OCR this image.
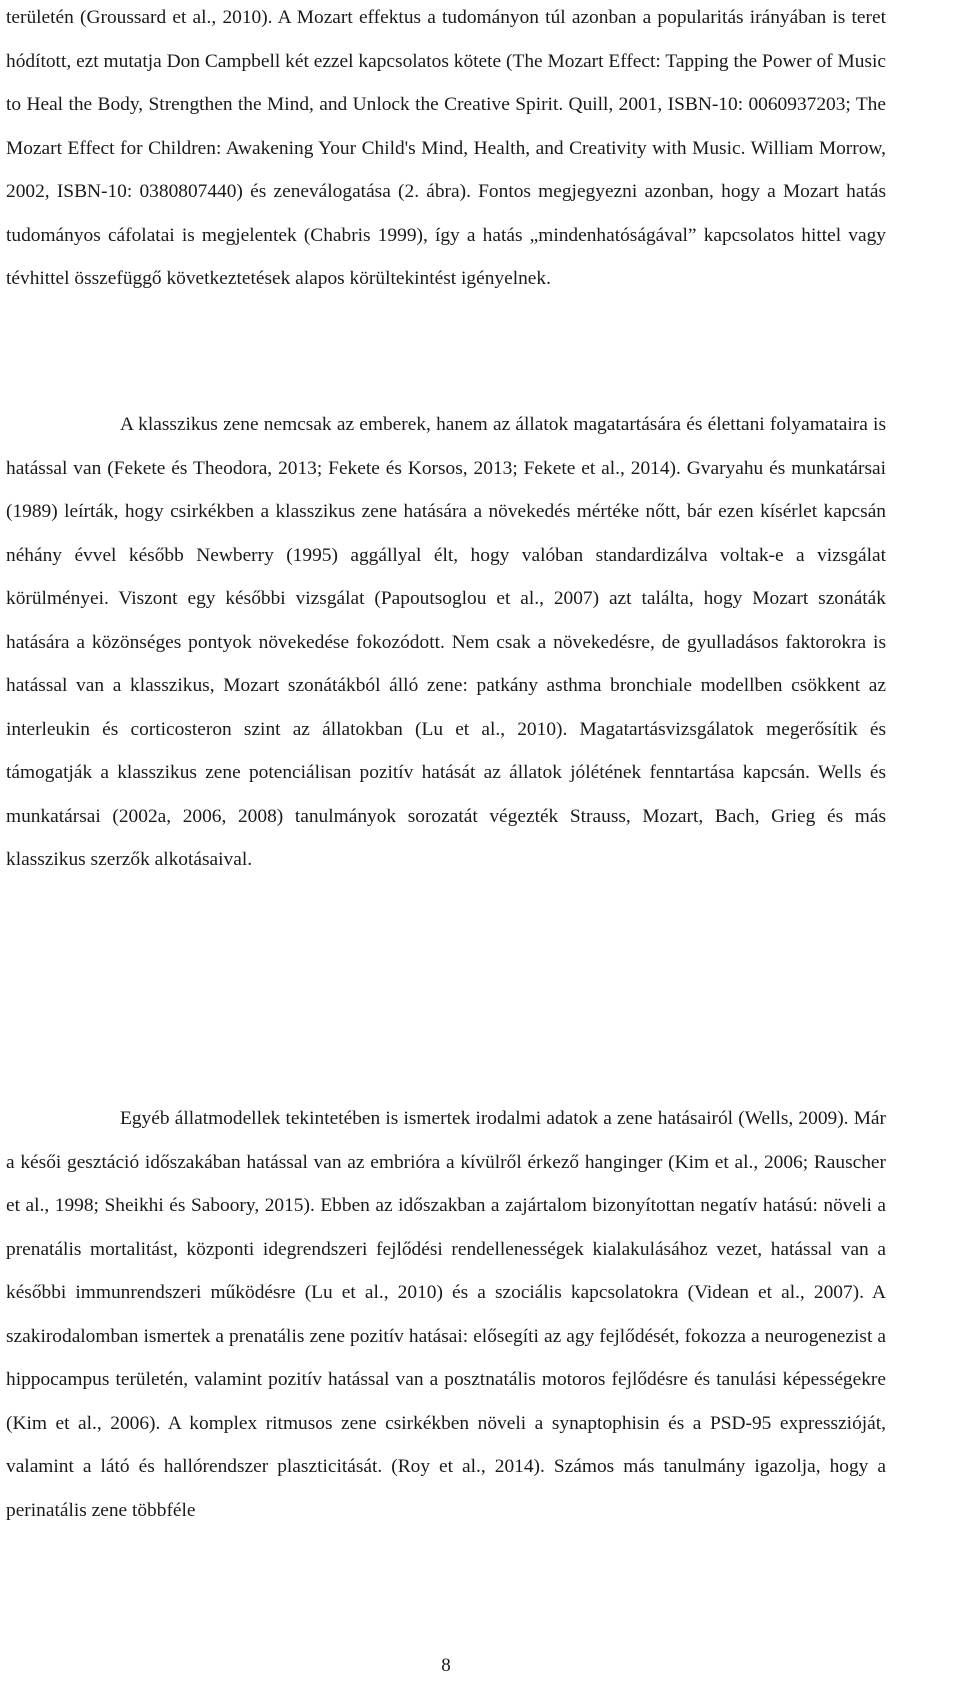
területén (Groussard et al., 2010). A Mozart effektus a tudományon túl azonban a popularitás irányában is teret hódított, ezt mutatja Don Campbell két ezzel kapcsolatos kötete (The Mozart Effect: Tapping the Power of Music to Heal the Body, Strengthen the Mind, and Unlock the Creative Spirit. Quill, 2001, ISBN-10: 0060937203; The Mozart Effect for Children: Awakening Your Child's Mind, Health, and Creativity with Music. William Morrow, 2002, ISBN-10: 0380807440) és zeneválogatása (2. ábra). Fontos megjegyezni azonban, hogy a Mozart hatás tudományos cáfolatai is megjelentek (Chabris 1999), így a hatás „mindenhatóságával” kapcsolatos hittel vagy tévhittel összefüggő következtetések alapos körültekintést igényelnek.

A klasszikus zene nemcsak az emberek, hanem az állatok magatartására és élettani folyamataira is hatással van (Fekete és Theodora, 2013; Fekete és Korsos, 2013; Fekete et al., 2014). Gvaryahu és munkatársai (1989) leírták, hogy csirkékben a klasszikus zene hatására a növekedés mértéke nőtt, bár ezen kísérlet kapcsán néhány évvel később Newberry (1995) aggállyal élt, hogy valóban standardizálva voltak-e a vizsgálat körülményei. Viszont egy későbbi vizsgálat (Papoutsoglou et al., 2007) azt találta, hogy Mozart szonáták hatására a közönséges pontyok növekedése fokozódott. Nem csak a növekedésre, de gyulladásos faktorokra is hatással van a klasszikus, Mozart szonátákból álló zene: patkány asthma bronchiale modellben csökkent az interleukin és corticosteron szint az állatokban (Lu et al., 2010). Magatartásvizsgálatok megerősítik és támogatják a klasszikus zene potenciálisan pozitív hatását az állatok jólétének fenntartása kapcsán. Wells és munkatársai (2002a, 2006, 2008) tanulmányok sorozatát végezték Strauss, Mozart, Bach, Grieg és más klasszikus szerzők alkotásaival.

Egyéb állatmodellek tekintetében is ismertek irodalmi adatok a zene hatásairól (Wells, 2009). Már a késői gesztáció időszakában hatással van az embrióra a kívülről érkező hanginger (Kim et al., 2006; Rauscher et al., 1998; Sheikhi és Saboory, 2015). Ebben az időszakban a zajártalom bizonyítottan negatív hatású: növeli a prenatális mortalitást, központi idegrendszeri fejlődési rendellenességek kialakulásához vezet, hatással van a későbbi immunrendszeri működésre (Lu et al., 2010) és a szociális kapcsolatokra (Videan et al., 2007). A szakirodalomban ismertek a prenatális zene pozitív hatásai: elősegíti az agy fejlődését, fokozza a neurogenezist a hippocampus területén, valamint pozitív hatással van a posztnatális motoros fejlődésre és tanulási képességekre (Kim et al., 2006). A komplex ritmusos zene csirkékben növeli a synaptophisin és a PSD-95 expresszióját, valamint a látó és hallórendszer plaszticitását. (Roy et al., 2014). Számos más tanulmány igazolja, hogy a perinatális zene többféle

8
